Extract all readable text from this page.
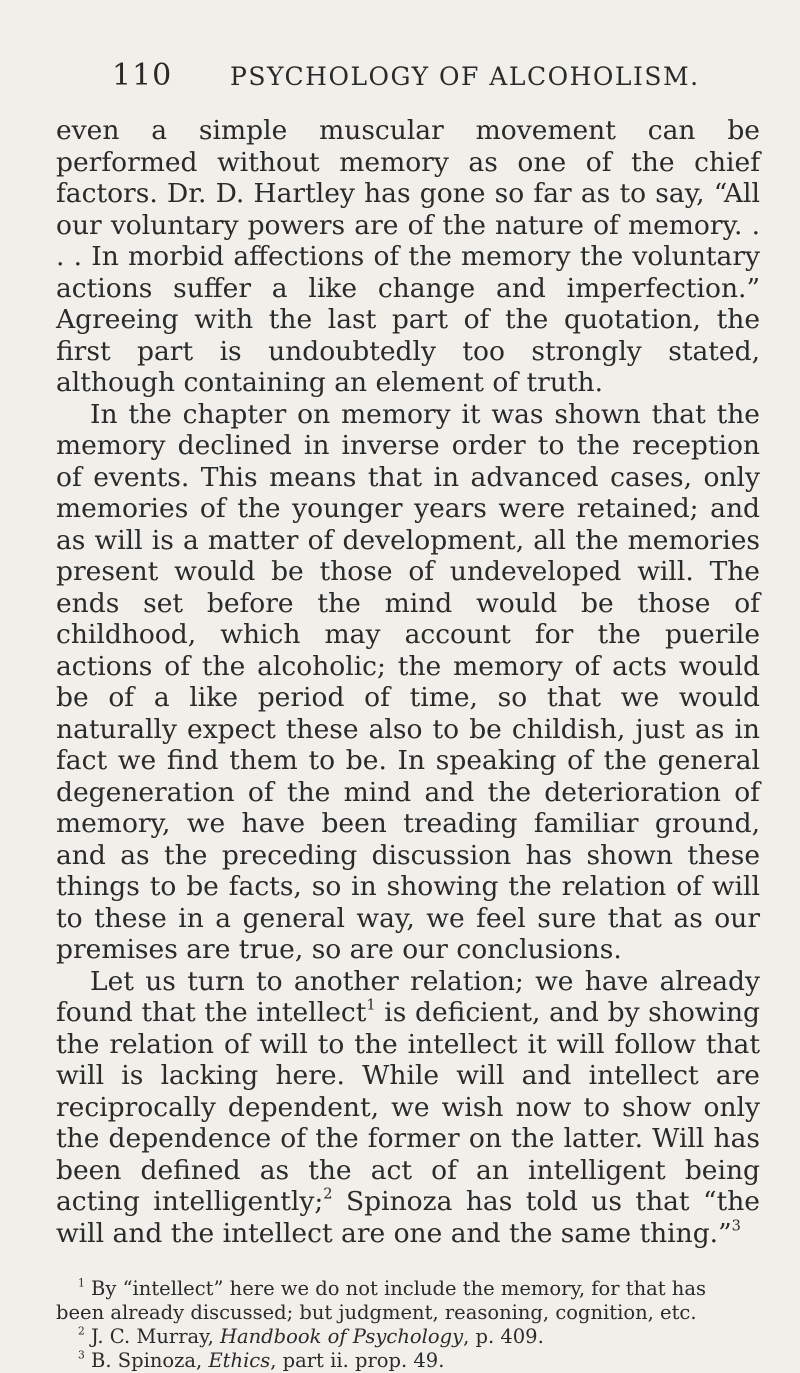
110	PSYCHOLOGY OF ALCOHOLISM.

even a simple muscular movement can be performed without memory as one of the chief factors. Dr. D. Hartley has gone so far as to say, “All our voluntary powers are of the nature of memory. . . . In morbid affections of the memory the voluntary actions suffer a like change and imperfection.” Agreeing with the last part of the quotation, the first part is undoubtedly too strongly stated, although containing an element of truth.

In the chapter on memory it was shown that the memory declined in inverse order to the reception of events. This means that in advanced cases, only memories of the younger years were retained; and as will is a matter of development, all the memories present would be those of undeveloped will. The ends set before the mind would be those of childhood, which may account for the puerile actions of the alcoholic; the memory of acts would be of a like period of time, so that we would naturally expect these also to be childish, just as in fact we find them to be. In speaking of the general degeneration of the mind and the deterioration of memory, we have been treading familiar ground, and as the preceding discussion has shown these things to be facts, so in showing the relation of will to these in a general way, we feel sure that as our premises are true, so are our conclusions.

Let us turn to another relation; we have already found that the intellect$^1$ is deficient, and by showing the relation of will to the intellect it will follow that will is lacking here. While will and intellect are reciprocally dependent, we wish now to show only the dependence of the former on the latter. Will has been defined as the act of an intelligent being acting intelligently;$^2$ Spinoza has told us that “the will and the intellect are one and the same thing.”$^3$

$^1$ By “intellect” here we do not include the memory, for that has been already discussed; but judgment, reasoning, cognition, etc.

$^2$ J. C. Murray, Handbook of Psychology, p. 409.

$^3$ B. Spinoza, Ethics, part ii. prop. 49.
